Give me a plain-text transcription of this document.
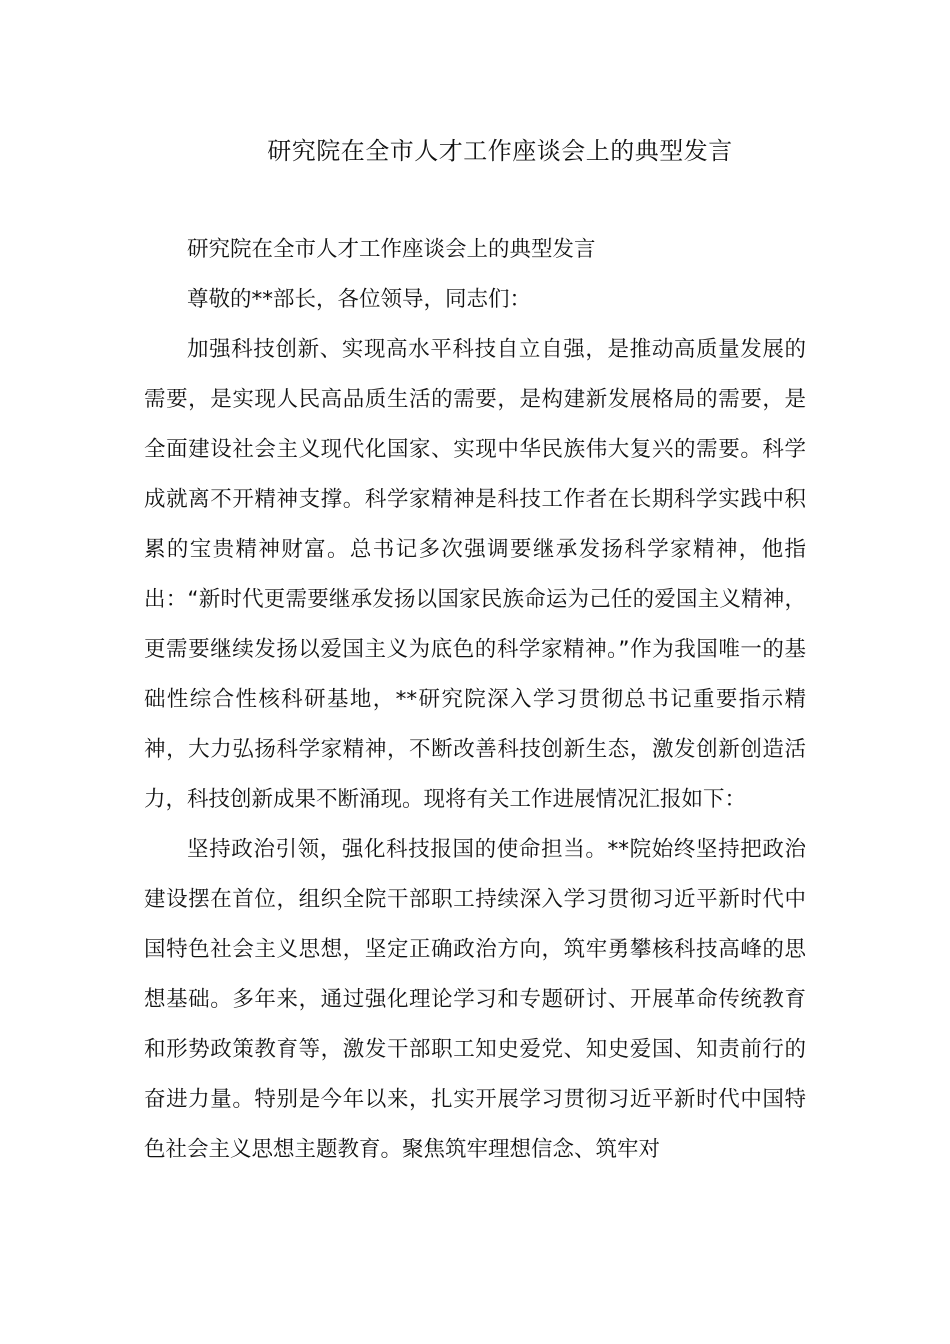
研究院在全市人才工作座谈会上的典型发言

研究院在全市人才工作座谈会上的典型发言

尊敬的**部长，各位领导，同志们：

加强科技创新、实现高水平科技自立自强，是推动高质量发展的需要，是实现人民高品质生活的需要，是构建新发展格局的需要，是全面建设社会主义现代化国家、实现中华民族伟大复兴的需要。科学成就离不开精神支撑。科学家精神是科技工作者在长期科学实践中积累的宝贵精神财富。总书记多次强调要继承发扬科学家精神，他指出：“新时代更需要继承发扬以国家民族命运为己任的爱国主义精神，更需要继续发扬以爱国主义为底色的科学家精神。”作为我国唯一的基础性综合性核科研基地，**研究院深入学习贯彻总书记重要指示精神，大力弘扬科学家精神，不断改善科技创新生态，激发创新创造活力，科技创新成果不断涌现。现将有关工作进展情况汇报如下：

坚持政治引领，强化科技报国的使命担当。**院始终坚持把政治建设摆在首位，组织全院干部职工持续深入学习贯彻习近平新时代中国特色社会主义思想，坚定正确政治方向，筑牢勇攀核科技高峰的思想基础。多年来，通过强化理论学习和专题研讨、开展革命传统教育和形势政策教育等，激发干部职工知史爱党、知史爱国、知责前行的奋进力量。特别是今年以来，扎实开展学习贯彻习近平新时代中国特色社会主义思想主题教育。聚焦筑牢理想信念、筑牢对
